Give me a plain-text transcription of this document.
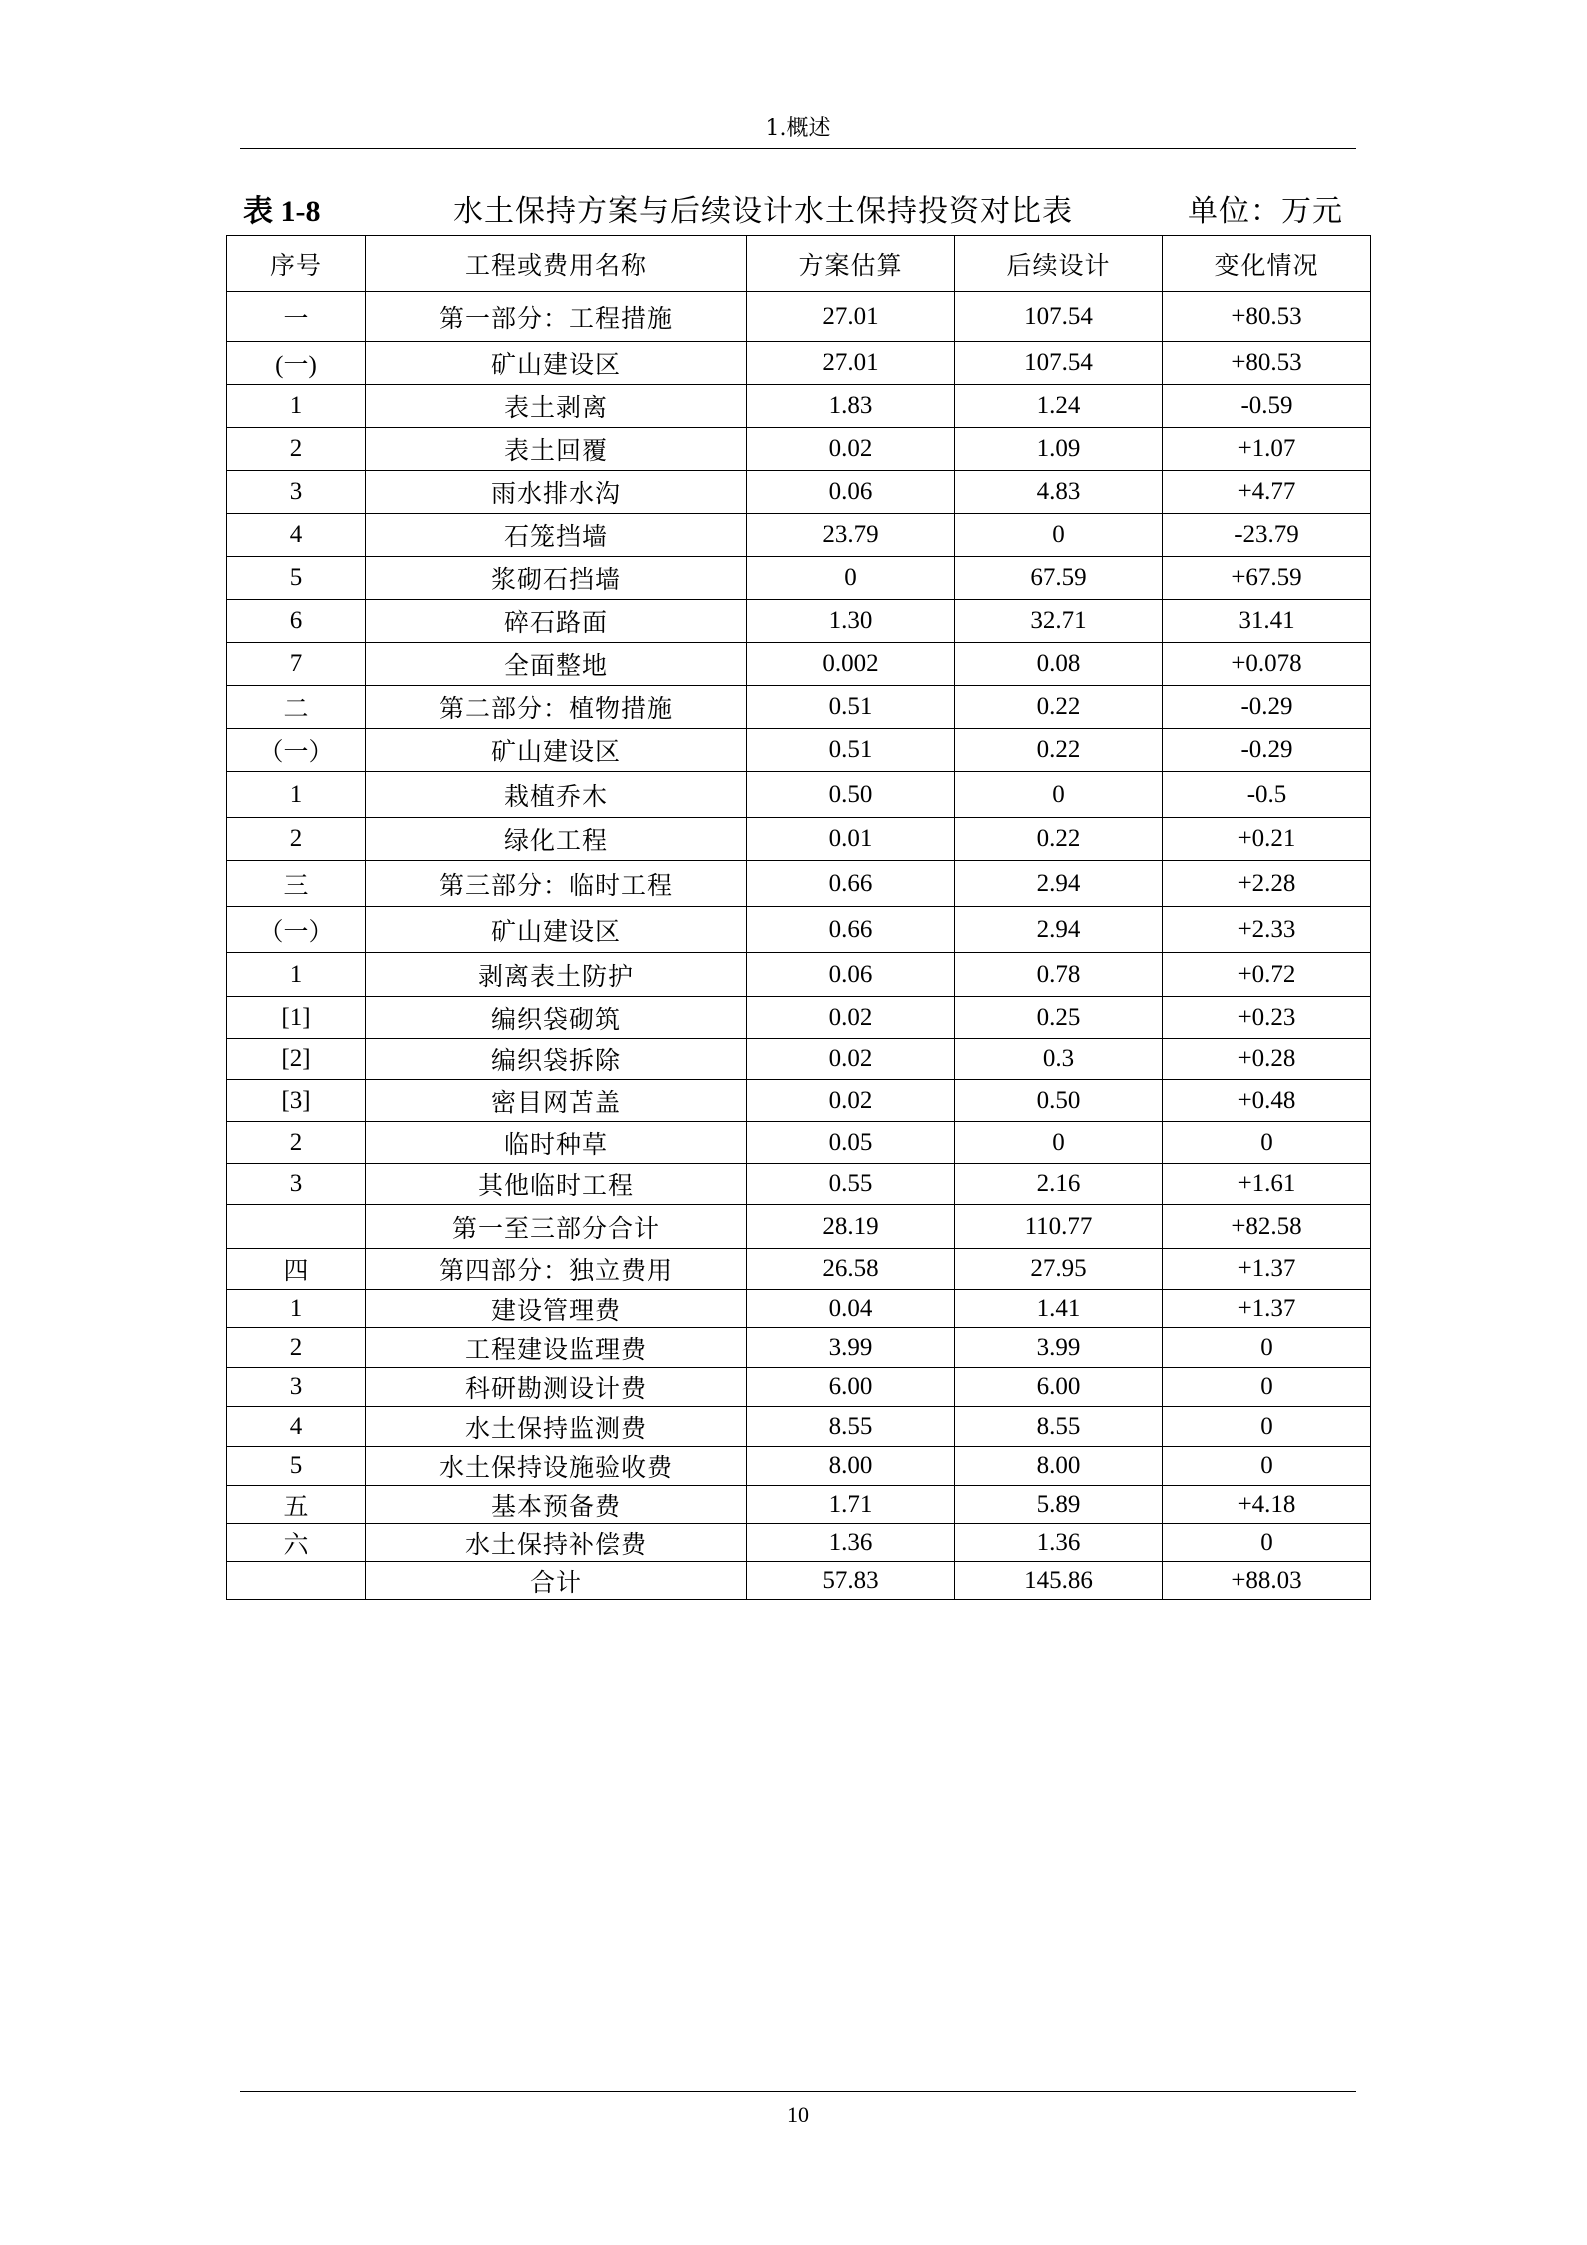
1.概述
表 1-8	水土保持方案与后续设计水土保持投资对比表	单位：万元
序号	工程或费用名称	方案估算	后续设计	变化情况
一	第一部分：工程措施	27.01	107.54	+80.53
(一)	矿山建设区	27.01	107.54	+80.53
1	表土剥离	1.83	1.24	-0.59
2	表土回覆	0.02	1.09	+1.07
3	雨水排水沟	0.06	4.83	+4.77
4	石笼挡墙	23.79	0	-23.79
5	浆砌石挡墙	0	67.59	+67.59
6	碎石路面	1.30	32.71	31.41
7	全面整地	0.002	0.08	+0.078
二	第二部分：植物措施	0.51	0.22	-0.29
（一）	矿山建设区	0.51	0.22	-0.29
1	栽植乔木	0.50	0	-0.5
2	绿化工程	0.01	0.22	+0.21
三	第三部分：临时工程	0.66	2.94	+2.28
（一）	矿山建设区	0.66	2.94	+2.33
1	剥离表土防护	0.06	0.78	+0.72
[1]	编织袋砌筑	0.02	0.25	+0.23
[2]	编织袋拆除	0.02	0.3	+0.28
[3]	密目网苫盖	0.02	0.50	+0.48
2	临时种草	0.05	0	0
3	其他临时工程	0.55	2.16	+1.61
	第一至三部分合计	28.19	110.77	+82.58
四	第四部分：独立费用	26.58	27.95	+1.37
1	建设管理费	0.04	1.41	+1.37
2	工程建设监理费	3.99	3.99	0
3	科研勘测设计费	6.00	6.00	0
4	水土保持监测费	8.55	8.55	0
5	水土保持设施验收费	8.00	8.00	0
五	基本预备费	1.71	5.89	+4.18
六	水土保持补偿费	1.36	1.36	0
	合计	57.83	145.86	+88.03
10
